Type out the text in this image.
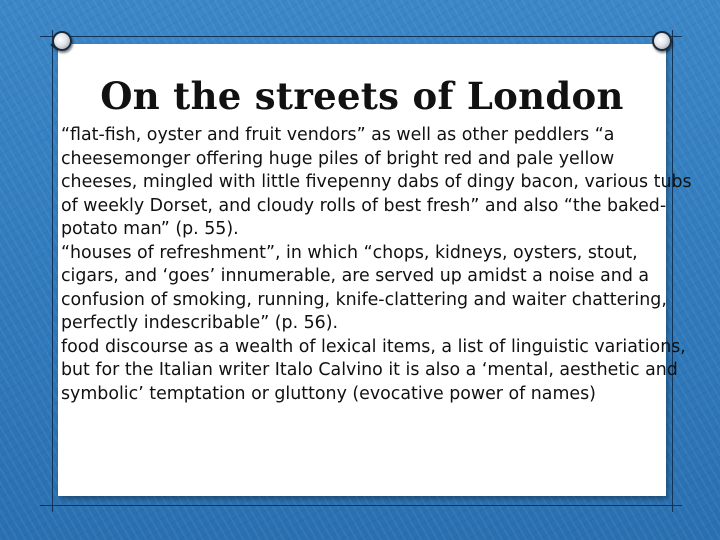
On the streets of London
“flat-fish, oyster and fruit vendors” as well as other peddlers “a cheesemonger offering huge piles of bright red and pale yellow cheeses, mingled with little fivepenny dabs of dingy bacon, various tubs of weekly Dorset, and cloudy rolls of best fresh” and also “the baked-potato man” (p. 55).
“houses of refreshment”, in which “chops, kidneys, oysters, stout, cigars, and ‘goes’ innumerable, are served up amidst a noise and a confusion of smoking, running, knife-clattering and waiter chattering, perfectly indescribable” (p. 56).
food discourse as a wealth of lexical items, a list of linguistic variations, but for the Italian writer Italo Calvino it is also a ‘mental, aesthetic and symbolic’ temptation or gluttony (evocative power of names)
